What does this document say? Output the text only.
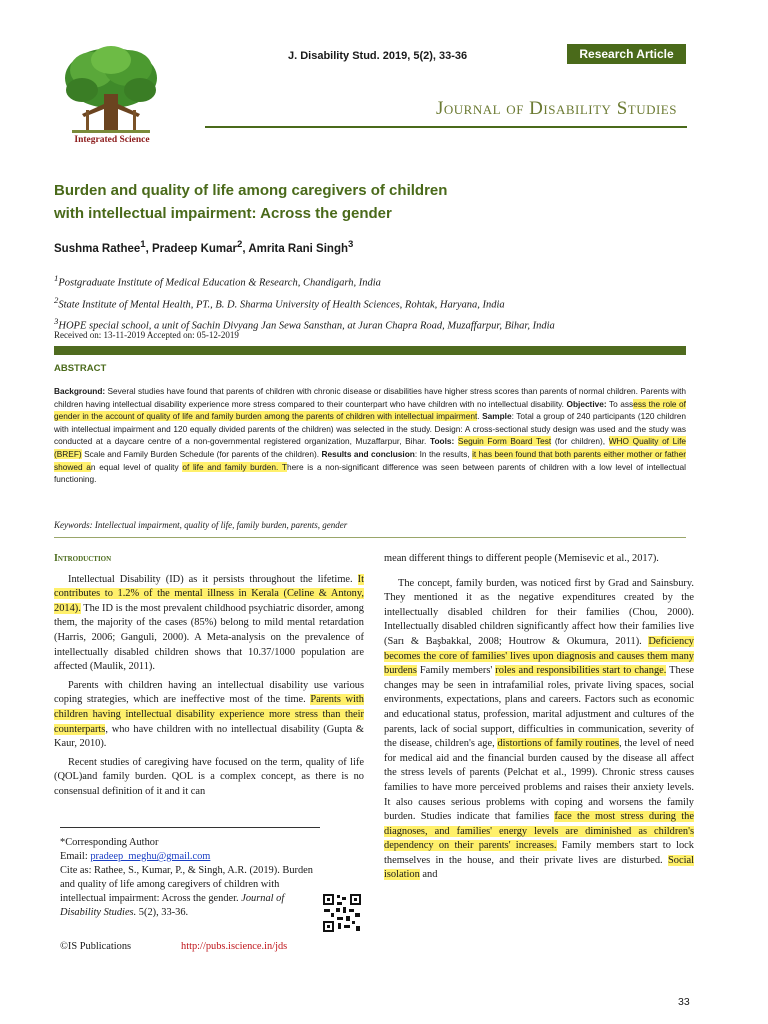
Integrated Science
J. Disability Stud. 2019, 5(2), 33-36	Research Article
Journal of Disability Studies
Burden and quality of life among caregivers of children
with intellectual impairment: Across the gender
Sushma Rathee$^1$, Pradeep Kumar$^2$, Amrita Rani Singh$^3$
$^1$Postgraduate Institute of Medical Education & Research, Chandigarh, India
$^2$State Institute of Mental Health, PT., B. D. Sharma University of Health Sciences, Rohtak, Haryana, India
$^3$HOPE special school, a unit of Sachin Divyang Jan Sewa Sansthan, at Juran Chapra Road, Muzaffarpur, Bihar, India
Received on: 13-11-2019 Accepted on: 05-12-2019
ABSTRACT
Background: Several studies have found that parents of children with chronic disease or disabilities have higher stress scores than parents of normal children. Parents with children having intellectual disability experience more stress compared to their counterpart who have children with no intellectual disability. Objective: To assess the role of gender in the account of quality of life and family burden among the parents of children with intellectual impairment. Sample: Total a group of 240 participants (120 children with intellectual impairment and 120 equally divided parents of the children) was selected in the study. Design: A cross-sectional study design was used and the study was conducted at a daycare centre of a non-governmental registered organization, Muzaffarpur, Bihar. Tools: Seguin Form Board Test (for children), WHO Quality of Life (BREF) Scale and Family Burden Schedule (for parents of the children). Results and conclusion: In the results, it has been found that both parents either mother or father showed an equal level of quality of life and family burden. There is a non-significant difference was seen between parents of children with a low level of intellectual functioning.
Keywords: Intellectual impairment, quality of life, family burden, parents, gender
Introduction

Intellectual Disability (ID) as it persists throughout the lifetime. It contributes to 1.2% of the mental illness in Kerala (Celine & Antony, 2014). The ID is the most prevalent childhood psychiatric disorder, among them, the majority of the cases (85%) belong to mild mental retardation (Harris, 2006; Ganguli, 2000). A Meta-analysis on the prevalence of intellectually disabled children shows that 10.37/1000 population are affected (Maulik, 2011).

Parents with children having an intellectual disability use various coping strategies, which are ineffective most of the time. Parents with children having intellectual disability experience more stress than their counterparts, who have children with no intellectual disability (Gupta & Kaur, 2010).

Recent studies of caregiving have focused on the term, quality of life (QOL)and family burden. QOL is a complex concept, as there is no consensual definition of it and it can

*Corresponding Author
Email: pradeep_meghu@gmail.com
Cite as: Rathee, S., Kumar, P., & Singh, A.R. (2019). Burden and quality of life among caregivers of children with intellectual impairment: Across the gender. Journal of Disability Studies. 5(2), 33-36.
©IS Publications	http://pubs.iscience.in/jds

mean different things to different people (Memisevic et al., 2017).

The concept, family burden, was noticed first by Grad and Sainsbury. They mentioned it as the negative expenditures created by the intellectually disabled children for their families (Chou, 2000). Intellectually disabled children significantly affect how their families live (Sarı & Başbakkal, 2008; Houtrow & Okumura, 2011). Deficiency becomes the core of families' lives upon diagnosis and causes them many burdens Family members' roles and responsibilities start to change. These changes may be seen in intrafamilial roles, private living spaces, social environments, expectations, plans and careers. Factors such as economic and educational status, profession, marital adjustment and cultures of the parents, lack of social support, difficulties in communication, severity of the disease, children's age, distortions of family routines, the level of need for medical aid and the financial burden caused by the disease all affect the stress levels of parents (Pelchat et al., 1999). Chronic stress causes families to have more perceived problems and raises their anxiety levels. It also causes serious problems with coping and worsens the family burden. Studies indicate that families face the most stress during the diagnoses, and families' energy levels are diminished as children's dependency on their parents' increases. Family members start to lock themselves in the house, and their private lives are disturbed. Social isolation and

33
